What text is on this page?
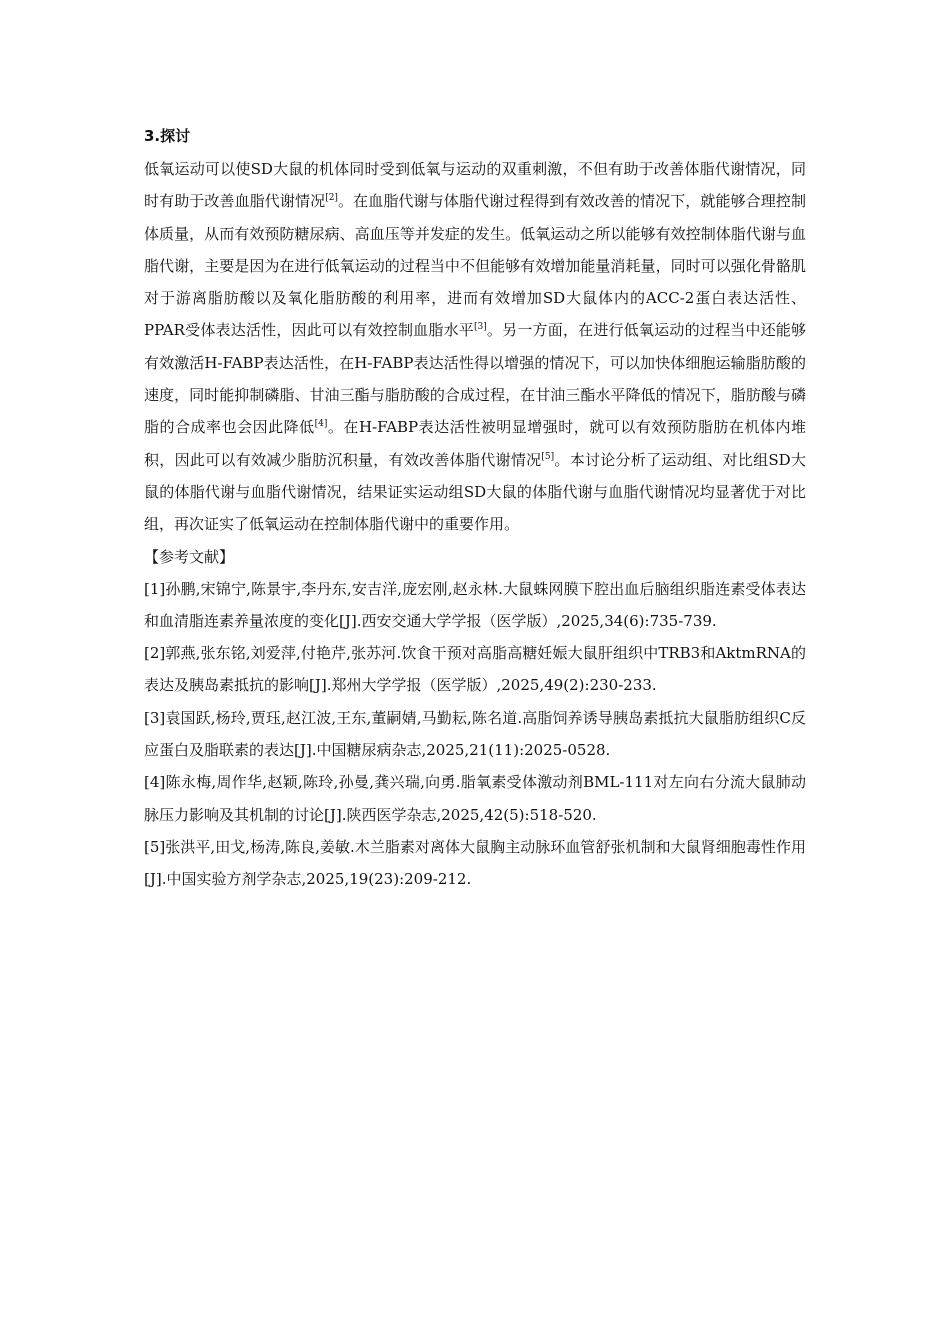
3.探讨

低氧运动可以使SD大鼠的机体同时受到低氧与运动的双重刺激，不但有助于改善体脂代谢情况，同时有助于改善血脂代谢情况[2]。在血脂代谢与体脂代谢过程得到有效改善的情况下，就能够合理控制体质量，从而有效预防糖尿病、高血压等并发症的发生。低氧运动之所以能够有效控制体脂代谢与血脂代谢，主要是因为在进行低氧运动的过程当中不但能够有效增加能量消耗量，同时可以强化骨骼肌对于游离脂肪酸以及氧化脂肪酸的利用率，进而有效增加SD大鼠体内的ACC-2蛋白表达活性、PPAR受体表达活性，因此可以有效控制血脂水平[3]。另一方面，在进行低氧运动的过程当中还能够有效激活H-FABP表达活性，在H-FABP表达活性得以增强的情况下，可以加快体细胞运输脂肪酸的速度，同时能抑制磷脂、甘油三酯与脂肪酸的合成过程，在甘油三酯水平降低的情况下，脂肪酸与磷脂的合成率也会因此降低[4]。在H-FABP表达活性被明显增强时，就可以有效预防脂肪在机体内堆积，因此可以有效减少脂肪沉积量，有效改善体脂代谢情况[5]。本讨论分析了运动组、对比组SD大鼠的体脂代谢与血脂代谢情况，结果证实运动组SD大鼠的体脂代谢与血脂代谢情况均显著优于对比组，再次证实了低氧运动在控制体脂代谢中的重要作用。

【参考文献】

[1]孙鹏,宋锦宁,陈景宇,李丹东,安吉洋,庞宏刚,赵永林.大鼠蛛网膜下腔出血后脑组织脂连素受体表达和血清脂连素养量浓度的变化[J].西安交通大学学报（医学版）,2025,34(6):735-739.

[2]郭燕,张东铭,刘爱萍,付艳芹,张苏河.饮食干预对高脂高糖妊娠大鼠肝组织中TRB3和AktmRNA的表达及胰岛素抵抗的影响[J].郑州大学学报（医学版）,2025,49(2):230-233.

[3]袁国跃,杨玲,贾珏,赵江波,王东,董嗣婧,马勤耘,陈名道.高脂饲养诱导胰岛素抵抗大鼠脂肪组织C反应蛋白及脂联素的表达[J].中国糖尿病杂志,2025,21(11):2025-0528.

[4]陈永梅,周作华,赵颖,陈玲,孙曼,龚兴瑞,向勇.脂氧素受体激动剂BML-111对左向右分流大鼠肺动脉压力影响及其机制的讨论[J].陕西医学杂志,2025,42(5):518-520.

[5]张洪平,田戈,杨涛,陈良,姜敏.木兰脂素对离体大鼠胸主动脉环血管舒张机制和大鼠肾细胞毒性作用[J].中国实验方剂学杂志,2025,19(23):209-212.
